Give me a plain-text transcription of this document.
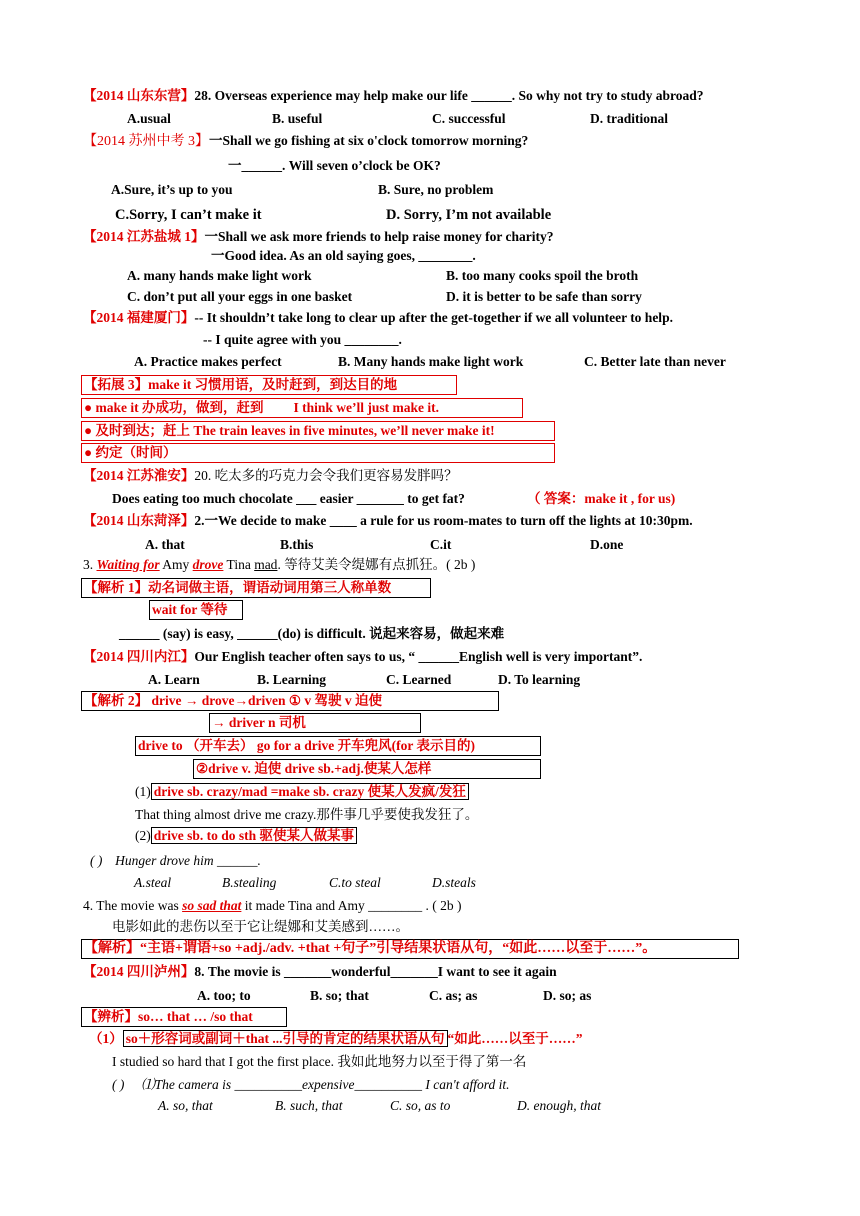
【2014 山东东营】28. Overseas experience may help make our life ______. So why not try to study abroad?
A.usual	B. useful	C. successful	D. traditional
【2014 苏州中考 3】一Shall we go fishing at six o'clock tomorrow morning?
一______. Will seven o’clock be OK?
A.Sure, it’s up to you	B. Sure, no problem
C.Sorry, I can’t make it	D. Sorry, I’m not available
【2014 江苏盐城 1】一Shall we ask more friends to help raise money for charity?
一Good idea. As an old saying goes, ________.
A. many hands make light work	B. too many cooks spoil the broth
C. don’t put all your eggs in one basket	D. it is better to be safe than sorry
【2014 福建厦门】-- It shouldn’t take long to clear up after the get-together if we all volunteer to help.
-- I quite agree with you ________.
A. Practice makes perfect	B. Many hands make light work	C. Better late than never
【拓展 3】make it 习惯用语，及时赶到，到达目的地
● make it 办成功，做到，赶到 I think we’ll just make it.
● 及时到达；赶上 The train leaves in five minutes, we’ll never make it!
● 约定（时间）
【2014 江苏淮安】20. 吃太多的巧克力会令我们更容易发胖吗？
Does eating too much chocolate ___ easier _______ to get fat?	（ 答案：make it , for us)
【2014 山东菏泽】2.一We decide to make ____ a rule for us room-mates to turn off the lights at 10:30pm.
A. that	B.this	C.it	D.one
3. Waiting for Amy drove Tina mad. 等待艾美令缇娜有点抓狂。( 2b )
【解析 1】动名词做主语，谓语动词用第三人称单数
wait for 等待
______ (say) is easy, ______(do) is difficult. 说起来容易，做起来难
【2014 四川内江】Our English teacher often says to us, “ ______English well is very important”.
A. Learn	B. Learning	C. Learned	D. To learning
【解析 2】 drive → drove→driven ① v 驾驶 v 迫使
→ driver n 司机
drive to （开车去） go for a drive 开车兜风(for 表示目的)
②drive v. 迫使 drive sb.+adj.使某人怎样
(1) drive sb. crazy/mad =make sb. crazy 使某人发疯/发狂
That thing almost drive me crazy.那件事几乎要使我发狂了。
(2) drive sb. to do sth 驱使某人做某事
( ) Hunger drove him ______.
A.steal	B.stealing	C.to steal	D.steals
4. The movie was so sad that it made Tina and Amy ________ . ( 2b )
电影如此的悲伤以至于它让缇娜和艾美感到……。
【解析】“主语+谓语+so +adj./adv. +that +句子”引导结果状语从句，“如此……以至于……”。
【2014 四川泸州】8. The movie is _______wonderful_______I want to see it again
A. too; to	B. so; that	C. as; as	D. so; as
【辨析】so… that … /so that
（1） so＋形容词或副词＋that ...引导的肯定的结果状语从句 “如此……以至于……”
I studied so hard that I got the first place. 我如此地努力以至于得了第一名
( ) ⑴The camera is __________expensive__________ I can't afford it.
A. so, that	B. such, that	C. so, as to	D. enough, that
